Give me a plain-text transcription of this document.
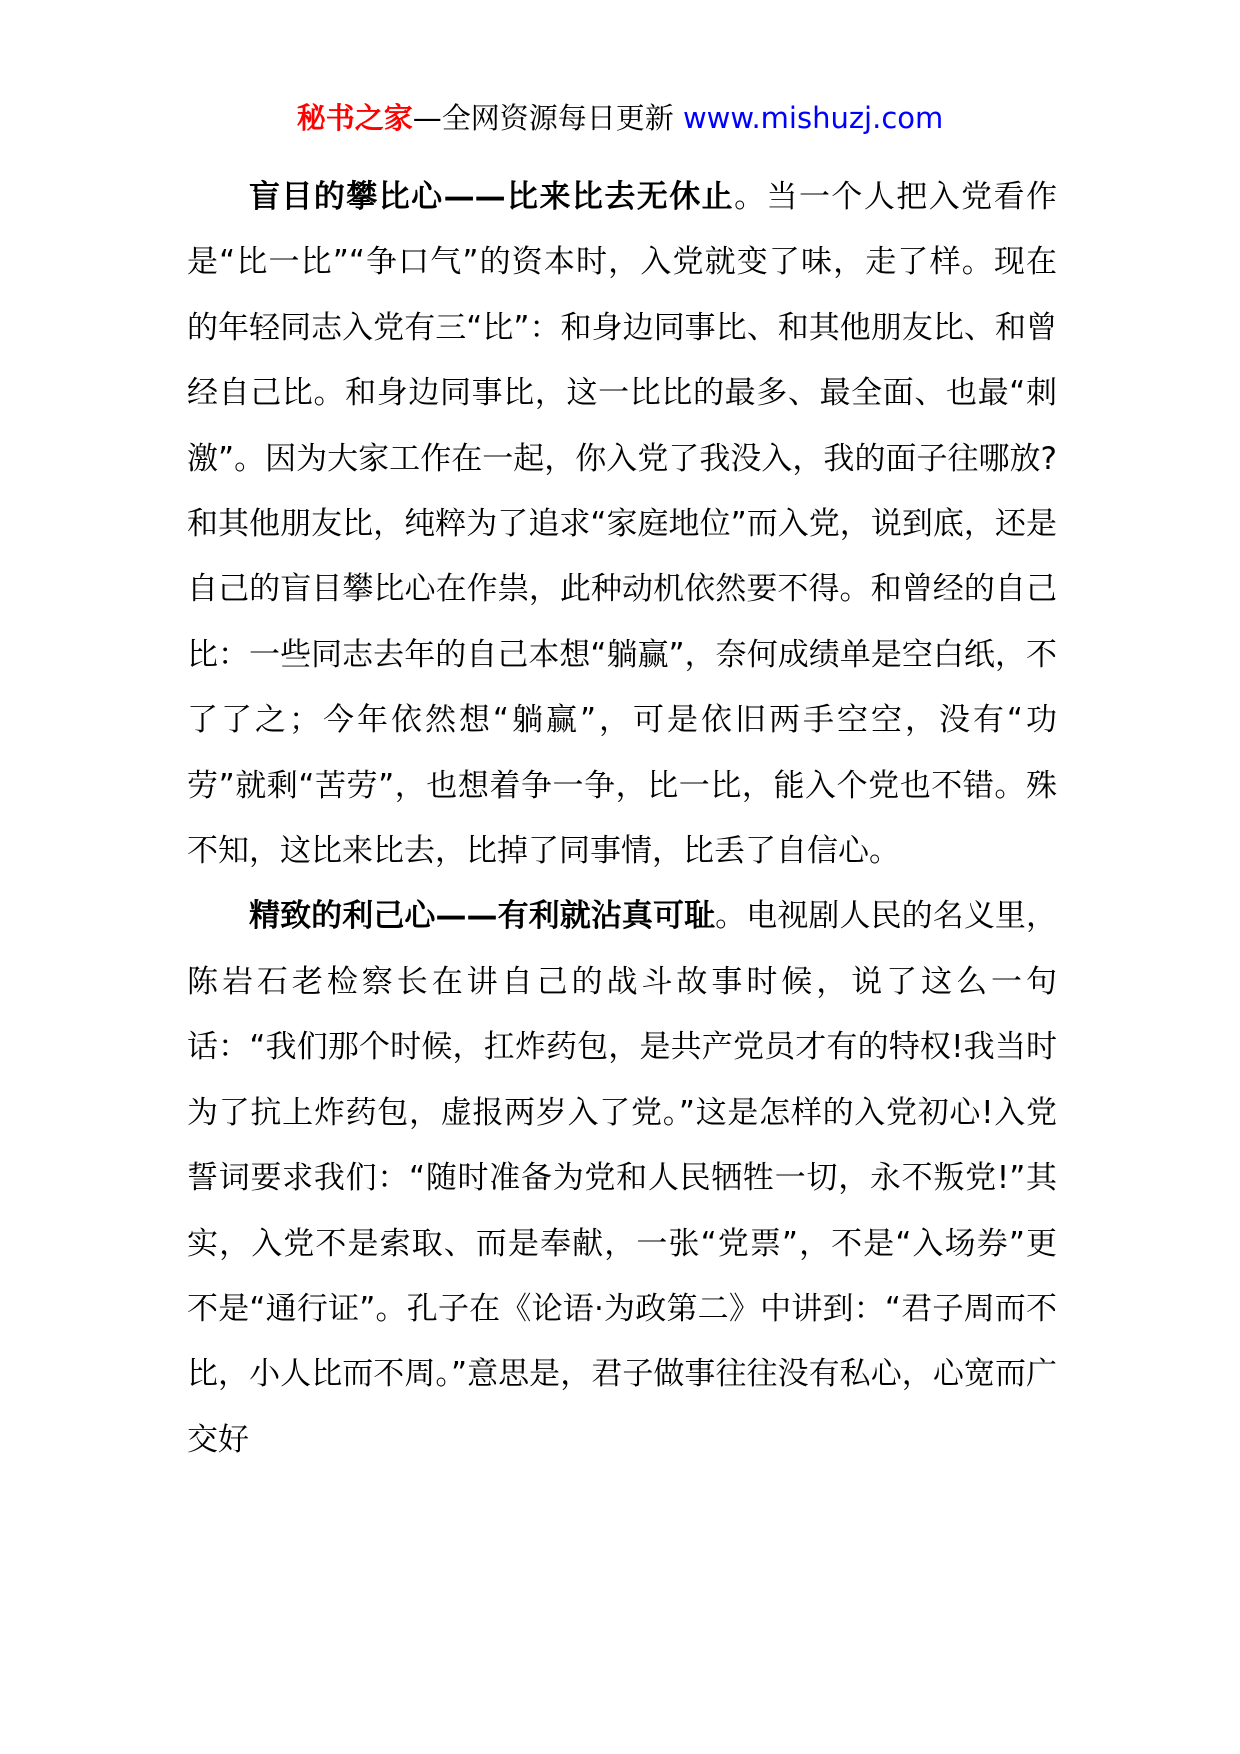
秘书之家—全网资源每日更新 www.mishuzj.com

盲目的攀比心——比来比去无休止。当一个人把入党看作是“比一比”“争口气”的资本时，入党就变了味，走了样。现在的年轻同志入党有三“比”：和身边同事比、和其他朋友比、和曾经自己比。和身边同事比，这一比比的最多、最全面、也最“刺激”。因为大家工作在一起，你入党了我没入，我的面子往哪放?和其他朋友比，纯粹为了追求“家庭地位”而入党，说到底，还是自己的盲目攀比心在作祟，此种动机依然要不得。和曾经的自己比：一些同志去年的自己本想“躺赢”，奈何成绩单是空白纸，不了了之；今年依然想“躺赢”，可是依旧两手空空，没有“功劳”就剩“苦劳”，也想着争一争，比一比，能入个党也不错。殊不知，这比来比去，比掉了同事情，比丢了自信心。

精致的利己心——有利就沾真可耻。电视剧人民的名义里，陈岩石老检察长在讲自己的战斗故事时候，说了这么一句话：“我们那个时候，扛炸药包，是共产党员才有的特权!我当时为了抗上炸药包，虚报两岁入了党。”这是怎样的入党初心!入党誓词要求我们：“随时准备为党和人民牺牲一切，永不叛党!”其实，入党不是索取、而是奉献，一张“党票”，不是“入场券”更不是“通行证”。孔子在《论语·为政第二》中讲到：“君子周而不比，小人比而不周。”意思是，君子做事往往没有私心，心宽而广交好
